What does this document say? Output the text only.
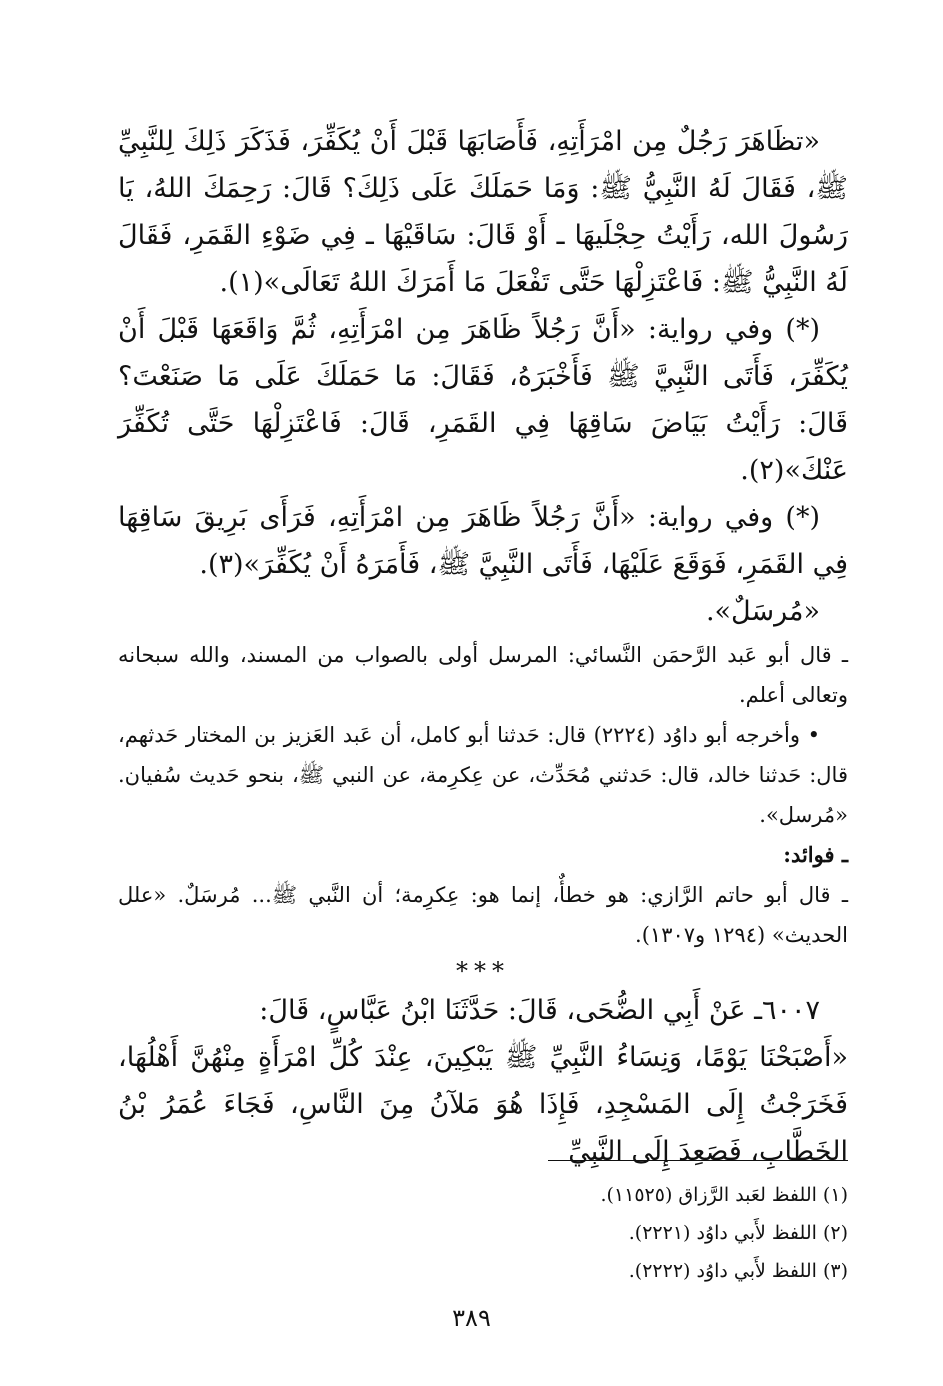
«تظَاهَرَ رَجُلٌ مِن امْرَأَتِهِ، فَأَصَابَهَا قَبْلَ أَنْ يُكَفِّرَ، فَذَكَرَ ذَلِكَ لِلنَّبِيِّ ﷺ، فَقَالَ لَهُ النَّبِيُّ ﷺ: وَمَا حَمَلَكَ عَلَى ذَلِكَ؟ قَالَ: رَحِمَكَ اللهُ، يَا رَسُولَ الله، رَأَيْتُ حِجْلَيهَا ـ أَوْ قَالَ: سَاقَيْهَا ـ فِي ضَوْءِ القَمَرِ، فَقَالَ لَهُ النَّبِيُّ ﷺ: فَاعْتَزِلْهَا حَتَّى تَفْعَلَ مَا أَمَرَكَ اللهُ تَعَالَى»(١).

(*) وفي رواية: «أَنَّ رَجُلاً ظَاهَرَ مِن امْرَأَتِهِ، ثُمَّ وَاقَعَهَا قَبْلَ أَنْ يُكَفِّرَ، فَأَتَى النَّبِيَّ ﷺ فَأَخْبَرَهُ، فَقَالَ: مَا حَمَلَكَ عَلَى مَا صَنَعْتَ؟ قَالَ: رَأَيْتُ بَيَاضَ سَاقِهَا فِي القَمَرِ، قَالَ: فَاعْتَزِلْهَا حَتَّى تُكَفِّرَ عَنْكَ»(٢).

(*) وفي رواية: «أَنَّ رَجُلاً ظَاهَرَ مِن امْرَأَتِهِ، فَرَأَى بَرِيقَ سَاقِهَا فِي القَمَرِ، فَوَقَعَ عَلَيْهَا، فَأَتَى النَّبِيَّ ﷺ، فَأَمَرَهُ أَنْ يُكَفِّرَ»(٣).

«مُرسَلٌ».

ـ قال أبو عَبد الرَّحمَن النَّسائي: المرسل أولى بالصواب من المسند، والله سبحانه وتعالى أعلم.

• وأخرجه أبو داوُد (٢٢٢٤) قال: حَدثنا أبو كامل، أن عَبد العَزيز بن المختار حَدثهم، قال: حَدثنا خالد، قال: حَدثني مُحَدِّث، عن عِكرِمة، عن النبي ﷺ، بنحو حَديث سُفيان. «مُرسل».

ـ فوائد:

ـ قال أبو حاتم الرَّازي: هو خطأٌ، إنما هو: عِكرِمة؛ أن النَّبي ﷺ... مُرسَلٌ. «علل الحديث» (١٢٩٤ و١٣٠٧).

***

٦٠٠٧ـ عَنْ أَبِي الضُّحَى، قَالَ: حَدَّثَنَا ابْنُ عَبَّاسٍ، قَالَ:

«أَصْبَحْنَا يَوْمًا، وَنِسَاءُ النَّبِيِّ ﷺ يَبْكِينَ، عِنْدَ كُلِّ امْرَأَةٍ مِنْهُنَّ أَهْلُهَا، فَخَرَجْتُ إِلَى المَسْجِدِ، فَإِذَا هُوَ مَلآنُ مِنَ النَّاسِ، فَجَاءَ عُمَرُ بْنُ الخَطَّابِ، فَصَعِدَ إِلَى النَّبِيِّ

(١) اللفظ لعَبد الرَّزاق (١١٥٢٥).

(٢) اللفظ لأَبي داوُد (٢٢٢١).

(٣) اللفظ لأَبي داوُد (٢٢٢٢).

٣٨٩
